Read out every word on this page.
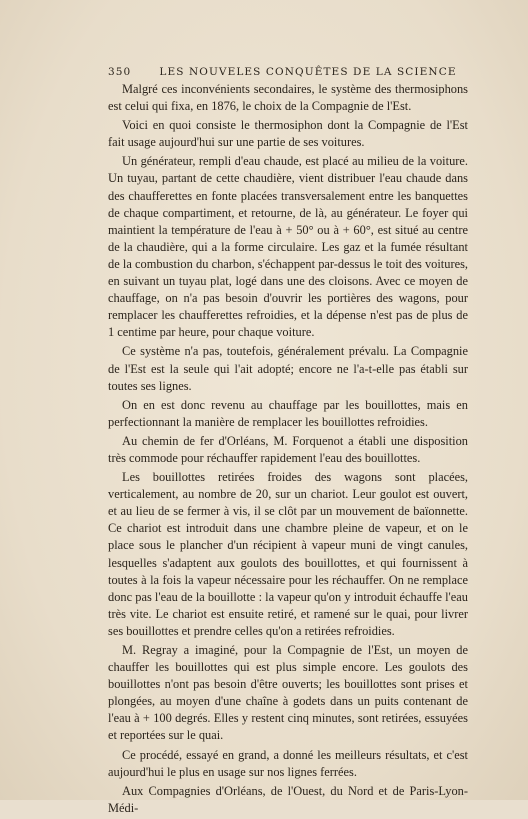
350	LES NOUVELES CONQUÊTES DE LA SCIENCE

Malgré ces inconvénients secondaires, le système des thermosiphons est celui qui fixa, en 1876, le choix de la Compagnie de l'Est.

Voici en quoi consiste le thermosiphon dont la Compagnie de l'Est fait usage aujourd'hui sur une partie de ses voitures.

Un générateur, rempli d'eau chaude, est placé au milieu de la voiture. Un tuyau, partant de cette chaudière, vient distribuer l'eau chaude dans des chaufferettes en fonte placées transversalement entre les banquettes de chaque compartiment, et retourne, de là, au générateur. Le foyer qui maintient la température de l'eau à + 50° ou à + 60°, est situé au centre de la chaudière, qui a la forme circulaire. Les gaz et la fumée résultant de la combustion du charbon, s'échappent par-dessus le toit des voitures, en suivant un tuyau plat, logé dans une des cloisons. Avec ce moyen de chauffage, on n'a pas besoin d'ouvrir les portières des wagons, pour remplacer les chaufferettes refroidies, et la dépense n'est pas de plus de 1 centime par heure, pour chaque voiture.

Ce système n'a pas, toutefois, généralement prévalu. La Compagnie de l'Est est la seule qui l'ait adopté; encore ne l'a-t-elle pas établi sur toutes ses lignes.

On en est donc revenu au chauffage par les bouillottes, mais en perfectionnant la manière de remplacer les bouillottes refroidies.

Au chemin de fer d'Orléans, M. Forquenot a établi une disposition très commode pour réchauffer rapidement l'eau des bouillottes.

Les bouillottes retirées froides des wagons sont placées, verticalement, au nombre de 20, sur un chariot. Leur goulot est ouvert, et au lieu de se fermer à vis, il se clôt par un mouvement de baïonnette. Ce chariot est introduit dans une chambre pleine de vapeur, et on le place sous le plancher d'un récipient à vapeur muni de vingt canules, lesquelles s'adaptent aux goulots des bouillottes, et qui fournissent à toutes à la fois la vapeur nécessaire pour les réchauffer. On ne remplace donc pas l'eau de la bouillotte : la vapeur qu'on y introduit échauffe l'eau très vite. Le chariot est ensuite retiré, et ramené sur le quai, pour livrer ses bouillottes et prendre celles qu'on a retirées refroidies.

M. Regray a imaginé, pour la Compagnie de l'Est, un moyen de chauffer les bouillottes qui est plus simple encore. Les goulots des bouillottes n'ont pas besoin d'être ouverts; les bouillottes sont prises et plongées, au moyen d'une chaîne à godets dans un puits contenant de l'eau à + 100 degrés. Elles y restent cinq minutes, sont retirées, essuyées et reportées sur le quai.

Ce procédé, essayé en grand, a donné les meilleurs résultats, et c'est aujourd'hui le plus en usage sur nos lignes ferrées.

Aux Compagnies d'Orléans, de l'Ouest, du Nord et de Paris-Lyon-Médi-
